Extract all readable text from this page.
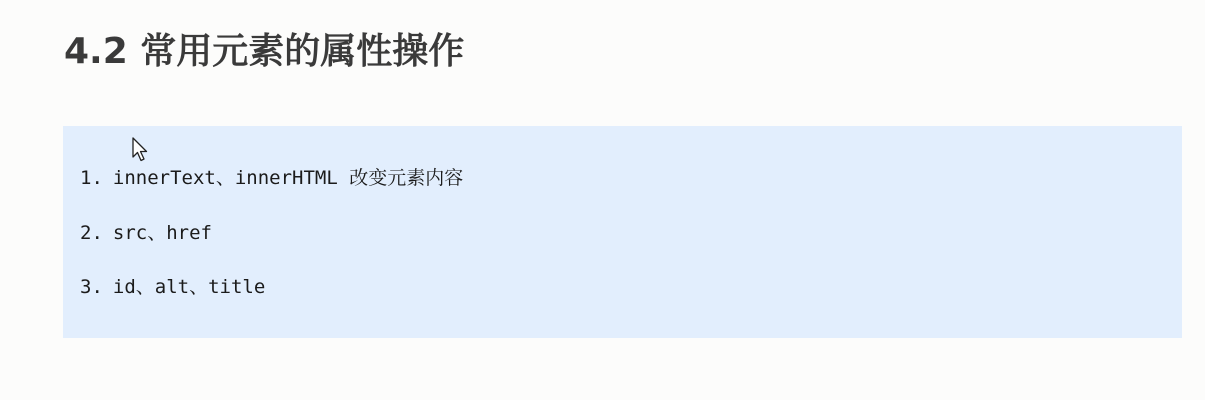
4.2 常用元素的属性操作
1. innerText、innerHTML 改变元素内容
2. src、href
3. id、alt、title
